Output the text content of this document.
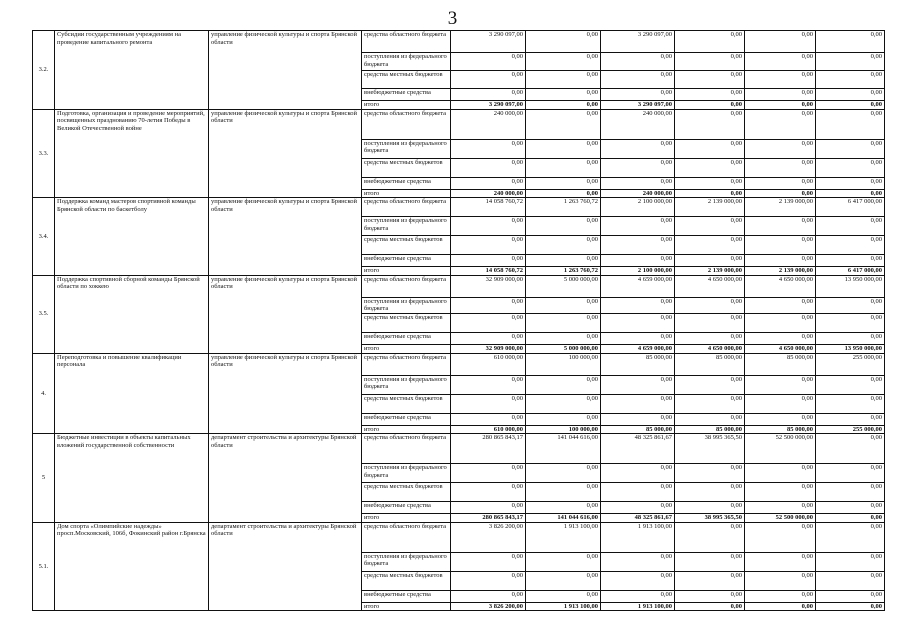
3
3.2.	Субсидии государственным учреждениям на проведение капитального ремонта	управление физической культуры и спорта Брянской области	средства областного бюджета	3 290 097,00	0,00	3 290 097,00	0,00	0,00	0,00
			поступления из федерального бюджета	0,00	0,00	0,00	0,00	0,00	0,00
			средства местных бюджетов	0,00	0,00	0,00	0,00	0,00	0,00
			внебюджетные средства	0,00	0,00	0,00	0,00	0,00	0,00
			итого	3 290 097,00	0,00	3 290 097,00	0,00	0,00	0,00
3.3.	Подготовка, организация и проведение мероприятий, посвященных празднованию 70-летия Победы в Великой Отечественной войне	управление физической культуры и спорта Брянской области	средства областного бюджета	240 000,00	0,00	240 000,00	0,00	0,00	0,00
			поступления из федерального бюджета	0,00	0,00	0,00	0,00	0,00	0,00
			средства местных бюджетов	0,00	0,00	0,00	0,00	0,00	0,00
			внебюджетные средства	0,00	0,00	0,00	0,00	0,00	0,00
			итого	240 000,00	0,00	240 000,00	0,00	0,00	0,00
3.4.	Поддержка команд мастеров спортивной команды Брянской области по баскетболу	управление физической культуры и спорта Брянской области	средства областного бюджета	14 058 760,72	1 263 760,72	2 100 000,00	2 139 000,00	2 139 000,00	6 417 000,00
			поступления из федерального бюджета	0,00	0,00	0,00	0,00	0,00	0,00
			средства местных бюджетов	0,00	0,00	0,00	0,00	0,00	0,00
			внебюджетные средства	0,00	0,00	0,00	0,00	0,00	0,00
			итого	14 058 760,72	1 263 760,72	2 100 000,00	2 139 000,00	2 139 000,00	6 417 000,00
3.5.	Поддержка спортивной сборной команды Брянской области по хоккею	управление физической культуры и спорта Брянской области	средства областного бюджета	32 909 000,00	5 000 000,00	4 659 000,00	4 650 000,00	4 650 000,00	13 950 000,00
			поступления из федерального бюджета	0,00	0,00	0,00	0,00	0,00	0,00
			средства местных бюджетов	0,00	0,00	0,00	0,00	0,00	0,00
			внебюджетные средства	0,00	0,00	0,00	0,00	0,00	0,00
			итого	32 909 000,00	5 000 000,00	4 659 000,00	4 650 000,00	4 650 000,00	13 950 000,00
4.	Переподготовка и повышение квалификации персонала	управление физической культуры и спорта Брянской области	средства областного бюджета	610 000,00	100 000,00	85 000,00	85 000,00	85 000,00	255 000,00
			поступления из федерального бюджета	0,00	0,00	0,00	0,00	0,00	0,00
			средства местных бюджетов	0,00	0,00	0,00	0,00	0,00	0,00
			внебюджетные средства	0,00	0,00	0,00	0,00	0,00	0,00
			итого	610 000,00	100 000,00	85 000,00	85 000,00	85 000,00	255 000,00
5	Бюджетные инвестиции в объекты капитальных вложений государственной собственности	департамент строительства и архитектуры Брянской области	средства областного бюджета	280 865 843,17	141 044 616,00	48 325 861,67	38 995 365,50	52 500 000,00	0,00
			поступления из федерального бюджета	0,00	0,00	0,00	0,00	0,00	0,00
			средства местных бюджетов	0,00	0,00	0,00	0,00	0,00	0,00
			внебюджетные средства	0,00	0,00	0,00	0,00	0,00	0,00
			итого	280 865 843,17	141 044 616,00	48 325 861,67	38 995 365,50	52 500 000,00	0,00
5.1.	Дом спорта «Олимпийские надежды» просп.Московский, 106б, Фокинский район г.Брянска	департамент строительства и архитектуры Брянской области	средства областного бюджета	3 826 200,00	1 913 100,00	1 913 100,00	0,00	0,00	0,00
			поступления из федерального бюджета	0,00	0,00	0,00	0,00	0,00	0,00
			средства местных бюджетов	0,00	0,00	0,00	0,00	0,00	0,00
			внебюджетные средства	0,00	0,00	0,00	0,00	0,00	0,00
			итого	3 826 200,00	1 913 100,00	1 913 100,00	0,00	0,00	0,00
